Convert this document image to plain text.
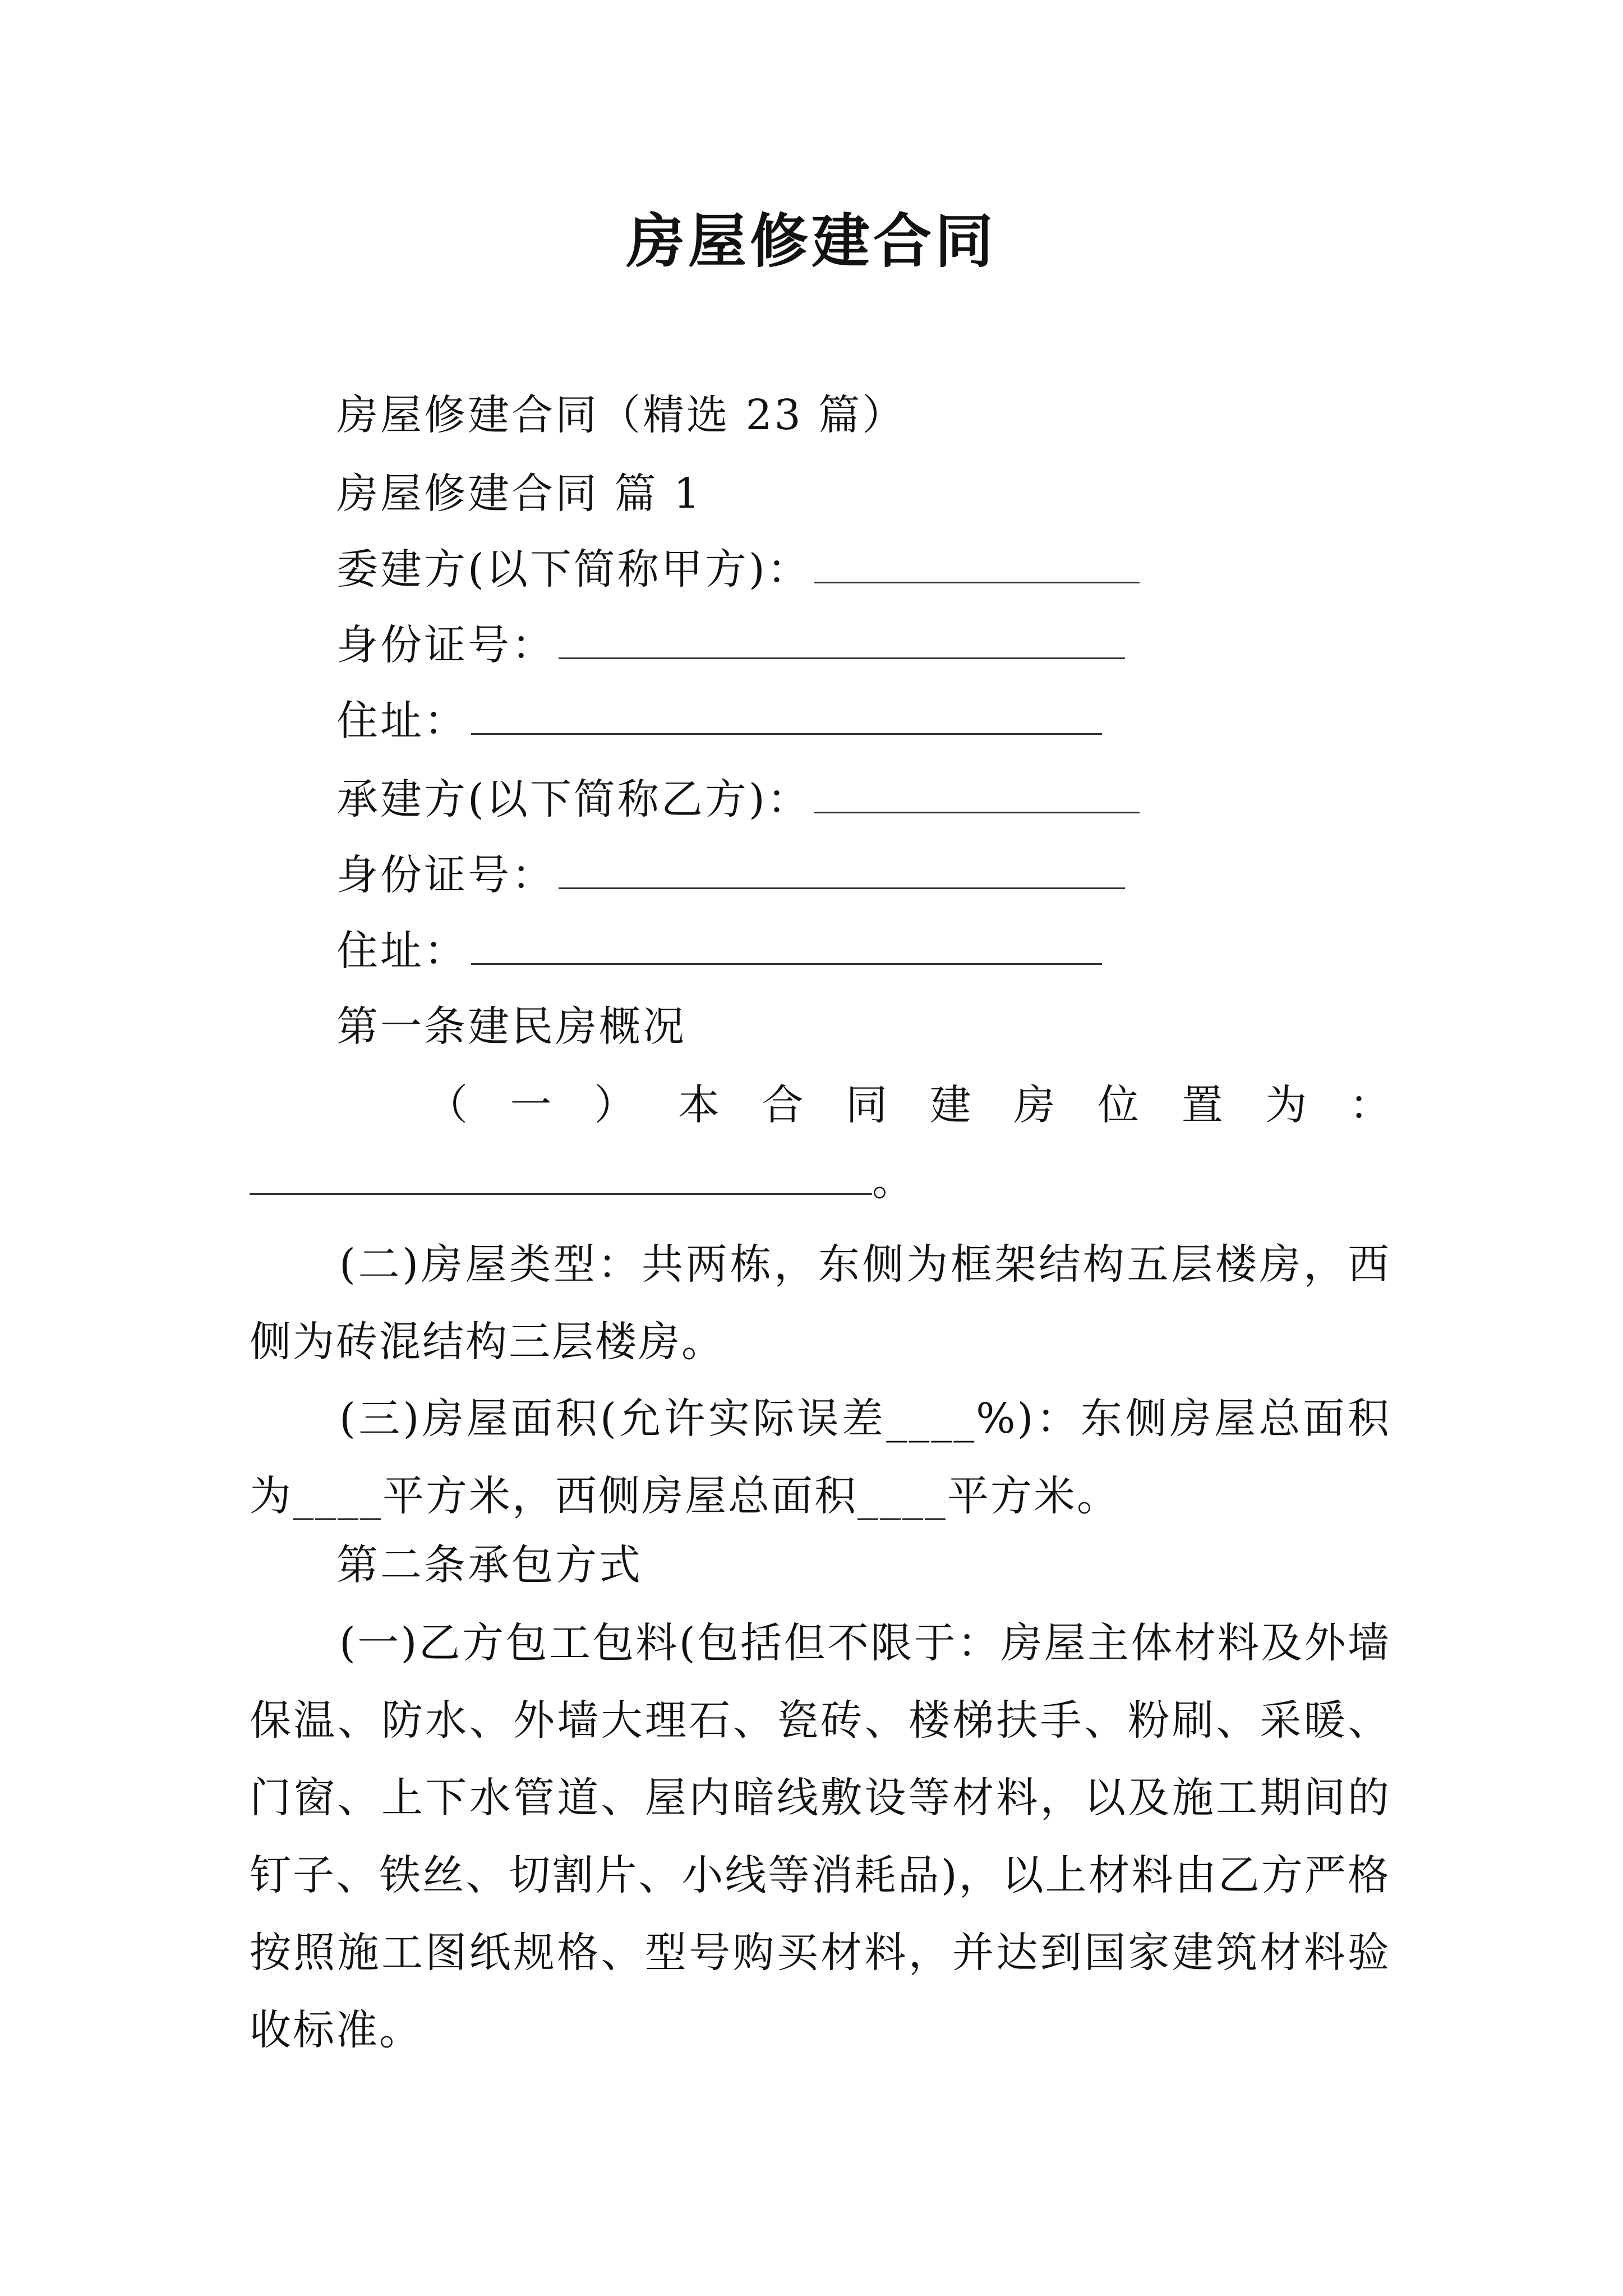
房屋修建合同
房屋修建合同（精选 23 篇）
房屋修建合同 篇 1
委建方(以下简称甲方)：
身份证号：
住址：
承建方(以下简称乙方)：
身份证号：
住址：
第一条建民房概况
（ 一 ） 本 合 同 建 房 位 置 为 ：
。
(二)房屋类型：共两栋，东侧为框架结构五层楼房，西侧为砖混结构三层楼房。
(三)房屋面积(允许实际误差____%)：东侧房屋总面积为____平方米，西侧房屋总面积____平方米。
第二条承包方式
(一)乙方包工包料(包括但不限于：房屋主体材料及外墙保温、防水、外墙大理石、瓷砖、楼梯扶手、粉刷、采暖、门窗、上下水管道、屋内暗线敷设等材料，以及施工期间的钉子、铁丝、切割片、小线等消耗品)，以上材料由乙方严格按照施工图纸规格、型号购买材料，并达到国家建筑材料验收标准。
